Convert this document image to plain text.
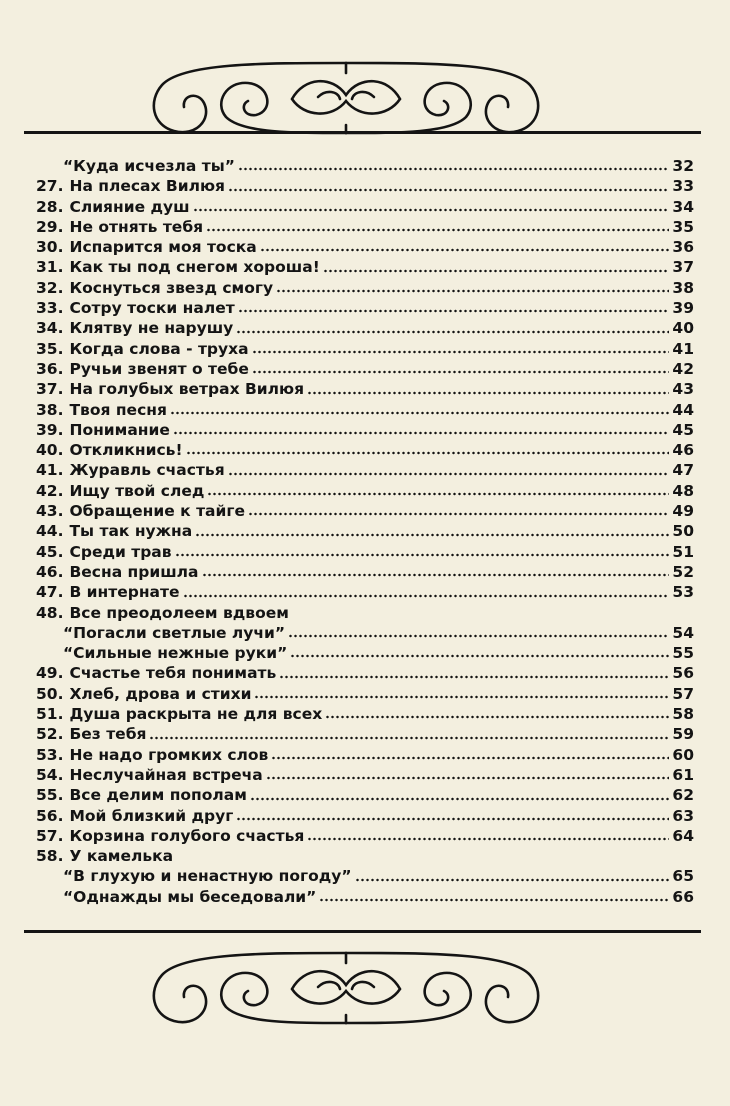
“Куда исчезла ты”	32
27. На плесах Вилюя	33
28. Слияние душ	34
29. Не отнять тебя	35
30. Испарится моя тоска	36
31. Как ты под снегом хороша!	37
32. Коснуться звезд смогу	38
33. Сотру тоски налет	39
34. Клятву не нарушу	40
35. Когда слова - труха	41
36. Ручьи звенят о тебе	42
37. На голубых ветрах Вилюя	43
38. Твоя песня	44
39. Понимание	45
40. Откликнись!	46
41. Журавль счастья	47
42. Ищу твой след	48
43. Обращение к тайге	49
44. Ты так нужна	50
45. Среди трав	51
46. Весна пришла	52
47. В интернате	53
48. Все преодолеем вдвоем
“Погасли светлые лучи”	54
“Сильные нежные руки”	55
49. Счастье тебя понимать	56
50. Хлеб, дрова и стихи	57
51. Душа раскрыта не для всех	58
52. Без тебя	59
53. Не надо громких слов	60
54. Неслучайная встреча	61
55. Все делим пополам	62
56. Мой близкий друг	63
57. Корзина голубого счастья	64
58. У камелька
“В глухую и ненастную погоду”	65
“Однажды мы беседовали”	66
